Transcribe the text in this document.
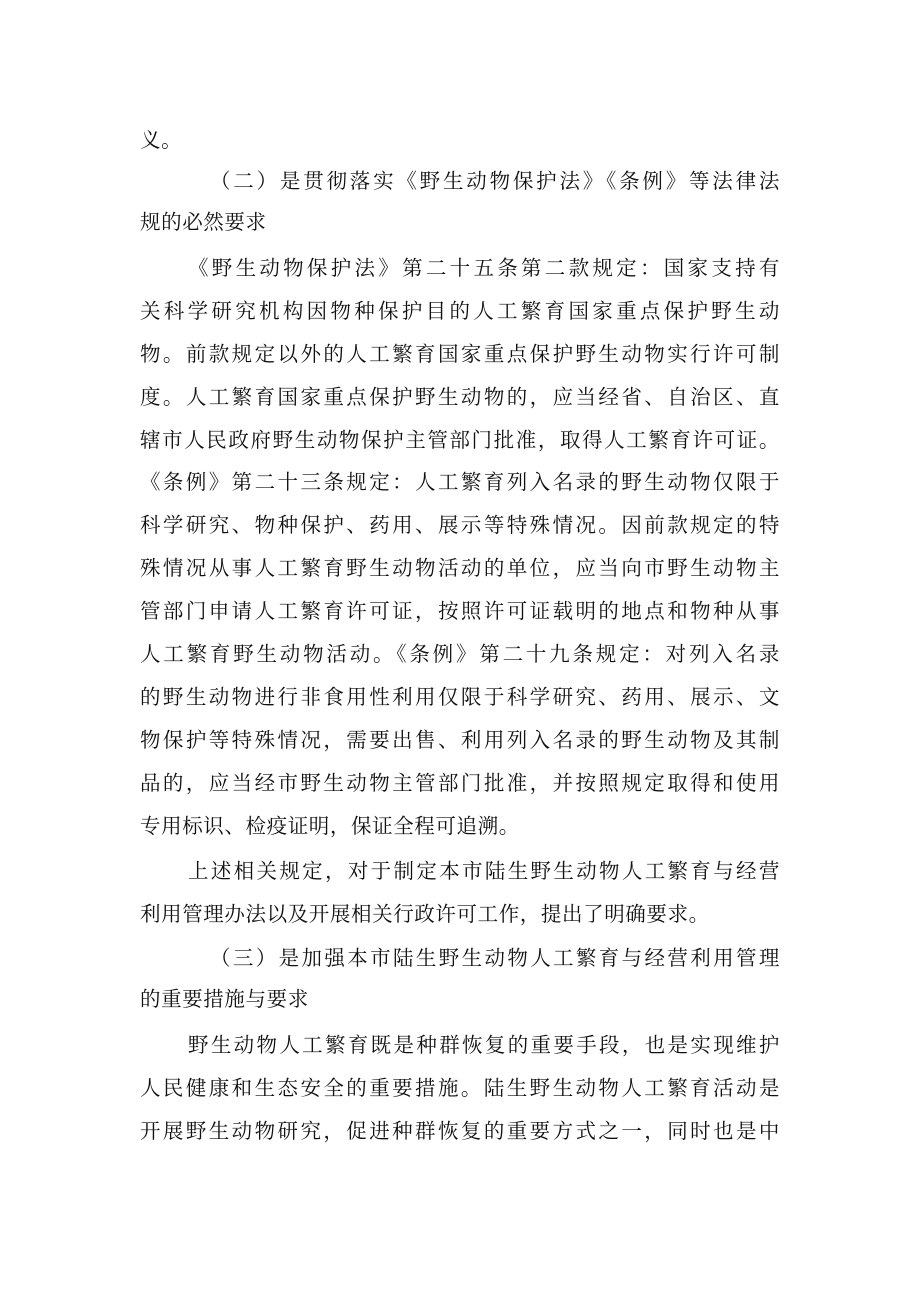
义。
（二）是贯彻落实《野生动物保护法》《条例》等法律法
规的必然要求
《野生动物保护法》第二十五条第二款规定：国家支持有
关科学研究机构因物种保护目的人工繁育国家重点保护野生动
物。前款规定以外的人工繁育国家重点保护野生动物实行许可制
度。人工繁育国家重点保护野生动物的，应当经省、自治区、直
辖市人民政府野生动物保护主管部门批准，取得人工繁育许可证。
《条例》第二十三条规定：人工繁育列入名录的野生动物仅限于
科学研究、物种保护、药用、展示等特殊情况。因前款规定的特
殊情况从事人工繁育野生动物活动的单位，应当向市野生动物主
管部门申请人工繁育许可证，按照许可证载明的地点和物种从事
人工繁育野生动物活动。《条例》第二十九条规定：对列入名录
的野生动物进行非食用性利用仅限于科学研究、药用、展示、文
物保护等特殊情况，需要出售、利用列入名录的野生动物及其制
品的，应当经市野生动物主管部门批准，并按照规定取得和使用
专用标识、检疫证明，保证全程可追溯。
上述相关规定，对于制定本市陆生野生动物人工繁育与经营
利用管理办法以及开展相关行政许可工作，提出了明确要求。
（三）是加强本市陆生野生动物人工繁育与经营利用管理
的重要措施与要求
野生动物人工繁育既是种群恢复的重要手段，也是实现维护
人民健康和生态安全的重要措施。陆生野生动物人工繁育活动是
开展野生动物研究，促进种群恢复的重要方式之一，同时也是中
